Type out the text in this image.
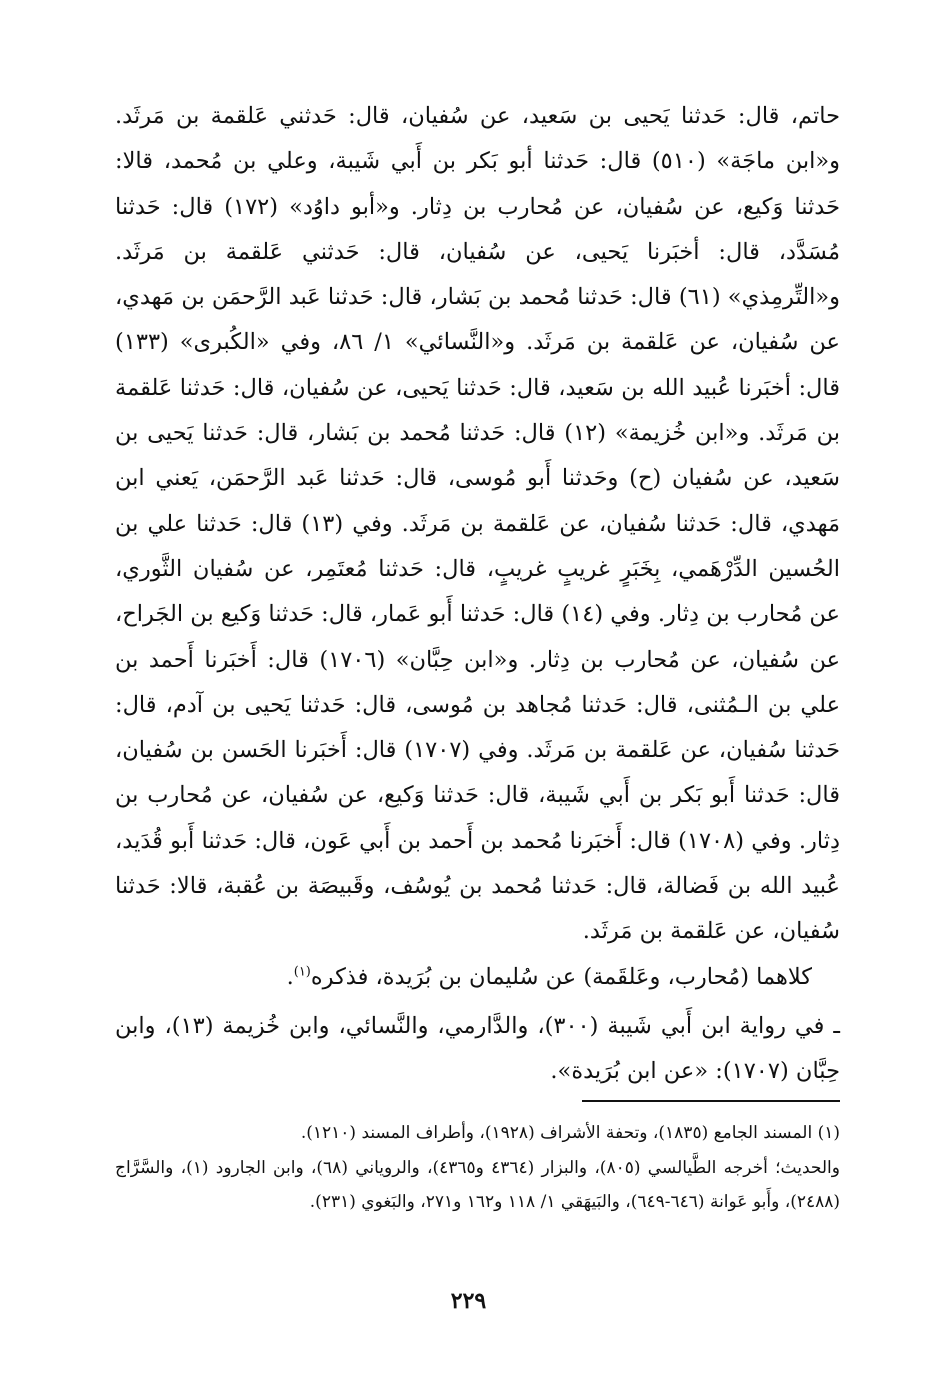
حاتم، قال: حَدثنا يَحيى بن سَعيد، عن سُفيان، قال: حَدثني عَلقمة بن مَرثَد. و«ابن ماجَة» (٥١٠) قال: حَدثنا أبو بَكر بن أَبي شَيبة، وعلي بن مُحمد، قالا: حَدثنا وَكيع، عن سُفيان، عن مُحارب بن دِثار. و«أبو داوُد» (١٧٢) قال: حَدثنا مُسَدَّد، قال: أخبَرنا يَحيى، عن سُفيان، قال: حَدثني عَلقمة بن مَرثَد. و«التِّرمِذي» (٦١) قال: حَدثنا مُحمد بن بَشار، قال: حَدثنا عَبد الرَّحمَن بن مَهدي، عن سُفيان، عن عَلقمة بن مَرثَد. و«النَّسائي» ١/ ٨٦، وفي «الكُبرى» (١٣٣) قال: أخبَرنا عُبيد الله بن سَعيد، قال: حَدثنا يَحيى، عن سُفيان، قال: حَدثنا عَلقمة بن مَرثَد. و«ابن خُزيمة» (١٢) قال: حَدثنا مُحمد بن بَشار، قال: حَدثنا يَحيى بن سَعيد، عن سُفيان (ح) وحَدثنا أَبو مُوسى، قال: حَدثنا عَبد الرَّحمَن، يَعني ابن مَهدي، قال: حَدثنا سُفيان، عن عَلقمة بن مَرثَد. وفي (١٣) قال: حَدثنا علي بن الحُسين الدِّرْهَمي، بِخَبَرٍ غريبٍ غريبٍ، قال: حَدثنا مُعتَمِر، عن سُفيان الثَّوري، عن مُحارب بن دِثار. وفي (١٤) قال: حَدثنا أَبو عَمار، قال: حَدثنا وَكيع بن الجَراح، عن سُفيان، عن مُحارب بن دِثار. و«ابن حِبَّان» (١٧٠٦) قال: أَخبَرنا أَحمد بن علي بن الـمُثنى، قال: حَدثنا مُجاهد بن مُوسى، قال: حَدثنا يَحيى بن آدم، قال: حَدثنا سُفيان، عن عَلقمة بن مَرثَد. وفي (١٧٠٧) قال: أَخبَرنا الحَسن بن سُفيان، قال: حَدثنا أَبو بَكر بن أَبي شَيبة، قال: حَدثنا وَكيع، عن سُفيان، عن مُحارب بن دِثار. وفي (١٧٠٨) قال: أَخبَرنا مُحمد بن أَحمد بن أَبي عَون، قال: حَدثنا أَبو قُدَيد، عُبيد الله بن فَضالة، قال: حَدثنا مُحمد بن يُوسُف، وقَبيصَة بن عُقبة، قالا: حَدثنا سُفيان، عن عَلقمة بن مَرثَد.

كلاهما (مُحارب، وعَلقَمة) عن سُليمان بن بُرَيدة، فذكره$^{(١)}$.

ـ في رواية ابن أَبي شَيبة (٣٠٠)، والدَّارمي، والنَّسائي، وابن خُزيمة (١٣)، وابن حِبَّان (١٧٠٧): «عن ابن بُرَيدة».

(١) المسند الجامع (١٨٣٥)، وتحفة الأشراف (١٩٢٨)، وأطراف المسند (١٢١٠).

والحديث؛ أخرجه الطَّيالسي (٨٠٥)، والبزار (٤٣٦٤ و٤٣٦٥)، والروياني (٦٨)، وابن الجارود (١)، والسَّرَّاج (٢٤٨٨)، وأَبو عَوانة (٦٤٦-٦٤٩)، والبَيهَقي ١/ ١١٨ و١٦٢ و٢٧١، والبَغوي (٢٣١).

٢٢٩
